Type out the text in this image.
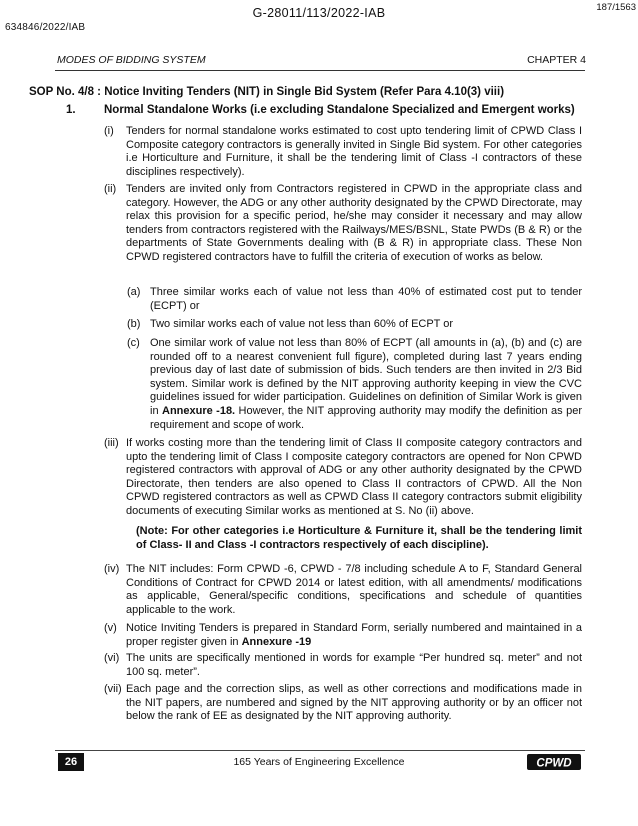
G-28011/113/2022-IAB	187/1563
634846/2022/IAB
MODES OF BIDDING SYSTEM	CHAPTER 4
SOP No. 4/8 : Notice Inviting Tenders (NIT) in Single Bid System (Refer Para 4.10(3) viii)
1. Normal Standalone Works (i.e excluding Standalone Specialized and Emergent works)
(i) Tenders for normal standalone works estimated to cost upto tendering limit of CPWD Class I Composite category contractors is generally invited in Single Bid system. For other categories i.e Horticulture and Furniture, it shall be the tendering limit of Class -I contractors of these disciplines respectively).
(ii) Tenders are invited only from Contractors registered in CPWD in the appropriate class and category. However, the ADG or any other authority designated by the CPWD Directorate, may relax this provision for a specific period, he/she may consider it necessary and may allow tenders from contractors registered with the Railways/MES/BSNL, State PWDs (B & R) or the departments of State Governments dealing with (B & R) in appropriate class. These Non CPWD registered contractors have to fulfill the criteria of execution of works as below.
(a) Three similar works each of value not less than 40% of estimated cost put to tender (ECPT) or
(b) Two similar works each of value not less than 60% of ECPT or
(c) One similar work of value not less than 80% of ECPT (all amounts in (a), (b) and (c) are rounded off to a nearest convenient full figure), completed during last 7 years ending previous day of last date of submission of bids. Such tenders are then invited in 2/3 Bid system. Similar work is defined by the NIT approving authority keeping in view the CVC guidelines issued for wider participation. Guidelines on definition of Similar Work is given in Annexure -18. However, the NIT approving authority may modify the definition as per requirement and scope of work.
(iii) If works costing more than the tendering limit of Class II composite category contractors and upto the tendering limit of Class I composite category contractors are opened for Non CPWD registered contractors with approval of ADG or any other authority designated by the CPWD Directorate, then tenders are also opened to Class II contractors of CPWD. All the Non CPWD registered contractors as well as CPWD Class II category contractors submit eligibility documents of executing Similar works as mentioned at S. No (ii) above.
(Note: For other categories i.e Horticulture & Furniture it, shall be the tendering limit of Class- II and Class -I contractors respectively of each discipline).
(iv) The NIT includes: Form CPWD -6, CPWD - 7/8 including schedule A to F, Standard General Conditions of Contract for CPWD 2014 or latest edition, with all amendments/ modifications as applicable, General/specific conditions, specifications and schedule of quantities applicable to the work.
(v) Notice Inviting Tenders is prepared in Standard Form, serially numbered and maintained in a proper register given in Annexure -19
(vi) The units are specifically mentioned in words for example “Per hundred sq. meter” and not 100 sq. meter”.
(vii) Each page and the correction slips, as well as other corrections and modifications made in the NIT papers, are numbered and signed by the NIT approving authority or by an officer not below the rank of EE as designated by the NIT approving authority.
26	165 Years of Engineering Excellence	CPWD
